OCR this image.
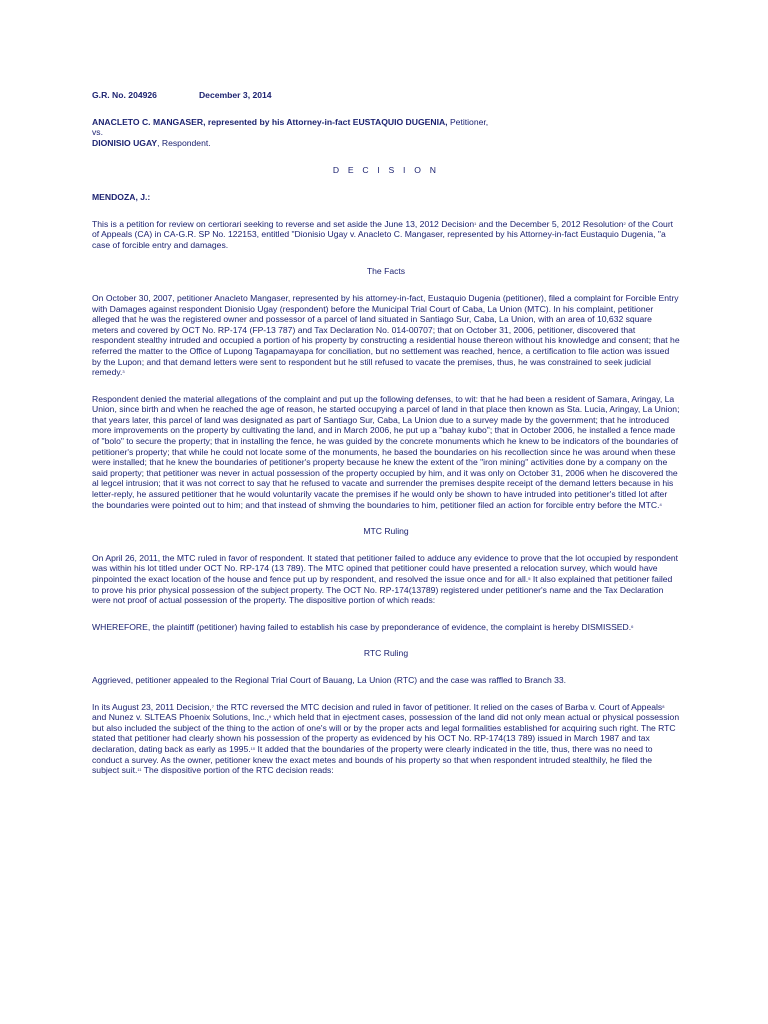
G.R. No. 204926	December 3, 2014
ANACLETO C. MANGASER, represented by his Attorney-in-fact EUSTAQUIO DUGENIA, Petitioner,
vs.
DIONISIO UGAY, Respondent.
D E C I S I O N
MENDOZA, J.:
This is a petition for review on certiorari seeking to reverse and set aside the June 13, 2012 Decision$^1$ and the December 5, 2012 Resolution$^2$ of the Court of Appeals (CA) in CA-G.R. SP No. 122153, entitled "Dionisio Ugay v. Anacleto C. Mangaser, represented by his Attorney-in-fact Eustaquio Dugenia, "a case of forcible entry and damages.
The Facts
On October 30, 2007, petitioner Anacleto Mangaser, represented by his attorney-in-fact, Eustaquio Dugenia (petitioner), filed a complaint for Forcible Entry with Damages against respondent Dionisio Ugay (respondent) before the Municipal Trial Court of Caba, La Union (MTC). In his complaint, petitioner alleged that he was the registered owner and possessor of a parcel of land situated in Santiago Sur, Caba, La Union, with an area of 10,632 square meters and covered by OCT No. RP-174 (FP-13 787) and Tax Declaration No. 014-00707; that on October 31, 2006, petitioner, discovered that respondent stealthy intruded and occupied a portion of his property by constructing a residential house thereon without his knowledge and consent; that he referred the matter to the Office of Lupong Tagapamayapa for conciliation, but no settlement was reached, hence, a certification to file action was issued by the Lupon; and that demand letters were sent to respondent but he still refused to vacate the premises, thus, he was constrained to seek judicial remedy.$^3$
Respondent denied the material allegations of the complaint and put up the following defenses, to wit: that he had been a resident of Samara, Aringay, La Union, since birth and when he reached the age of reason, he started occupying a parcel of land in that place then known as Sta. Lucia, Aringay, La Union; that years later, this parcel of land was designated as part of Santiago Sur, Caba, La Union due to a survey made by the government; that he introduced more improvements on the property by cultivating the land, and in March 2006, he put up a "bahay kubo"; that in October 2006, he installed a fence made of "bolo" to secure the property; that in installing the fence, he was guided by the concrete monuments which he knew to be indicators of the boundaries of petitioner's property; that while he could not locate some of the monuments, he based the boundaries on his recollection since he was around when these were installed; that he knew the boundaries of petitioner's property because he knew the extent of the "iron mining" activities done by a company on the said property; that petitioner was never in actual possession of the property occupied by him, and it was only on October 31, 2006 when he discovered the al legcel intrusion; that it was not correct to say that he refused to vacate and surrender the premises despite receipt of the demand letters because in his letter-reply, he assured petitioner that he would voluntarily vacate the premises if he would only be shown to have intruded into petitioner's titled lot after the boundaries were pointed out to him; and that instead of shmving the boundaries to him, petitioner filed an action for forcible entry before the MTC.$^4$
MTC Ruling
On April 26, 2011, the MTC ruled in favor of respondent. It stated that petitioner failed to adduce any evidence to prove that the lot occupied by respondent was within his lot titled under OCT No. RP-174 (13 789). The MTC opined that petitioner could have presented a relocation survey, which would have pinpointed the exact location of the house and fence put up by respondent, and resolved the issue once and for all.$^5$ It also explained that petitioner failed to prove his prior physical possession of the subject property. The OCT No. RP-174(13789) registered under petitioner's name and the Tax Declaration were not proof of actual possession of the property. The dispositive portion of which reads:
WHEREFORE, the plaintiff (petitioner) having failed to establish his case by preponderance of evidence, the complaint is hereby DISMISSED.$^6$
RTC Ruling
Aggrieved, petitioner appealed to the Regional Trial Court of Bauang, La Union (RTC) and the case was raffled to Branch 33.
In its August 23, 2011 Decision,$^7$ the RTC reversed the MTC decision and ruled in favor of petitioner. It relied on the cases of Barba v. Court of Appeals$^8$ and Nunez v. SLTEAS Phoenix Solutions, Inc.,$^9$ which held that in ejectment cases, possession of the land did not only mean actual or physical possession but also included the subject of the thing to the action of one's will or by the proper acts and legal formalities established for acquiring such right. The RTC stated that petitioner had clearly shown his possession of the property as evidenced by his OCT No. RP-174(13 789) issued in March 1987 and tax declaration, dating back as early as 1995.10 It added that the boundaries of the property were clearly indicated in the title, thus, there was no need to conduct a survey. As the owner, petitioner knew the exact metes and bounds of his property so that when respondent intruded stealthily, he filed the subject suit.$^{11}$ The dispositive portion of the RTC decision reads:
